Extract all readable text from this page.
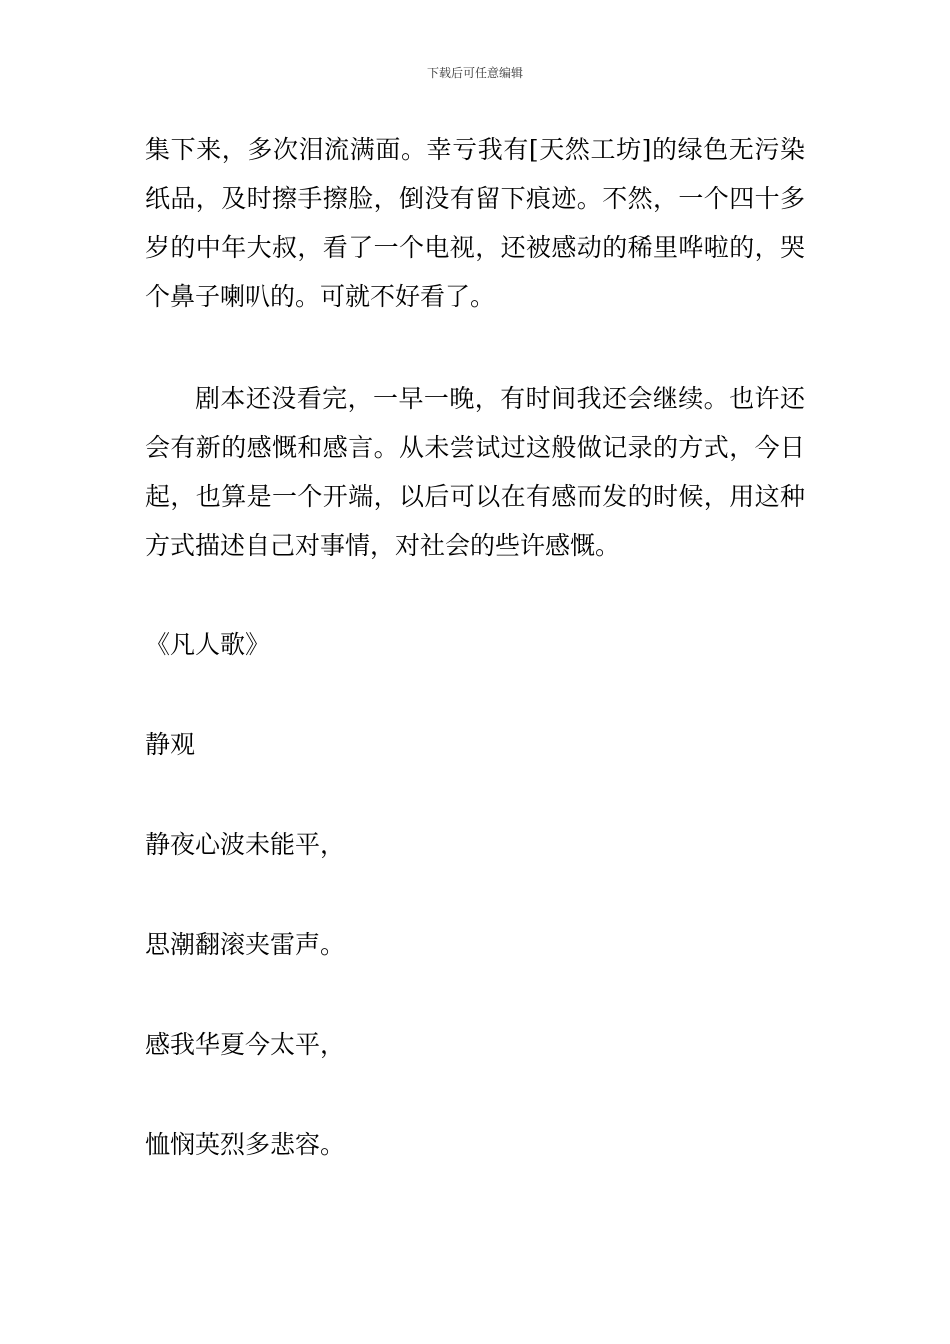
下载后可任意编辑
集下来，多次泪流满面。幸亏我有[天然工坊]的绿色无污染纸品，及时擦手擦脸，倒没有留下痕迹。不然，一个四十多岁的中年大叔，看了一个电视，还被感动的稀里哗啦的，哭个鼻子喇叭的。可就不好看了。
剧本还没看完，一早一晚，有时间我还会继续。也许还会有新的感慨和感言。从未尝试过这般做记录的方式，今日起，也算是一个开端，以后可以在有感而发的时候，用这种方式描述自己对事情，对社会的些许感慨。
《凡人歌》
静观
静夜心波未能平，
思潮翻滚夹雷声。
感我华夏今太平，
恤悯英烈多悲容。
